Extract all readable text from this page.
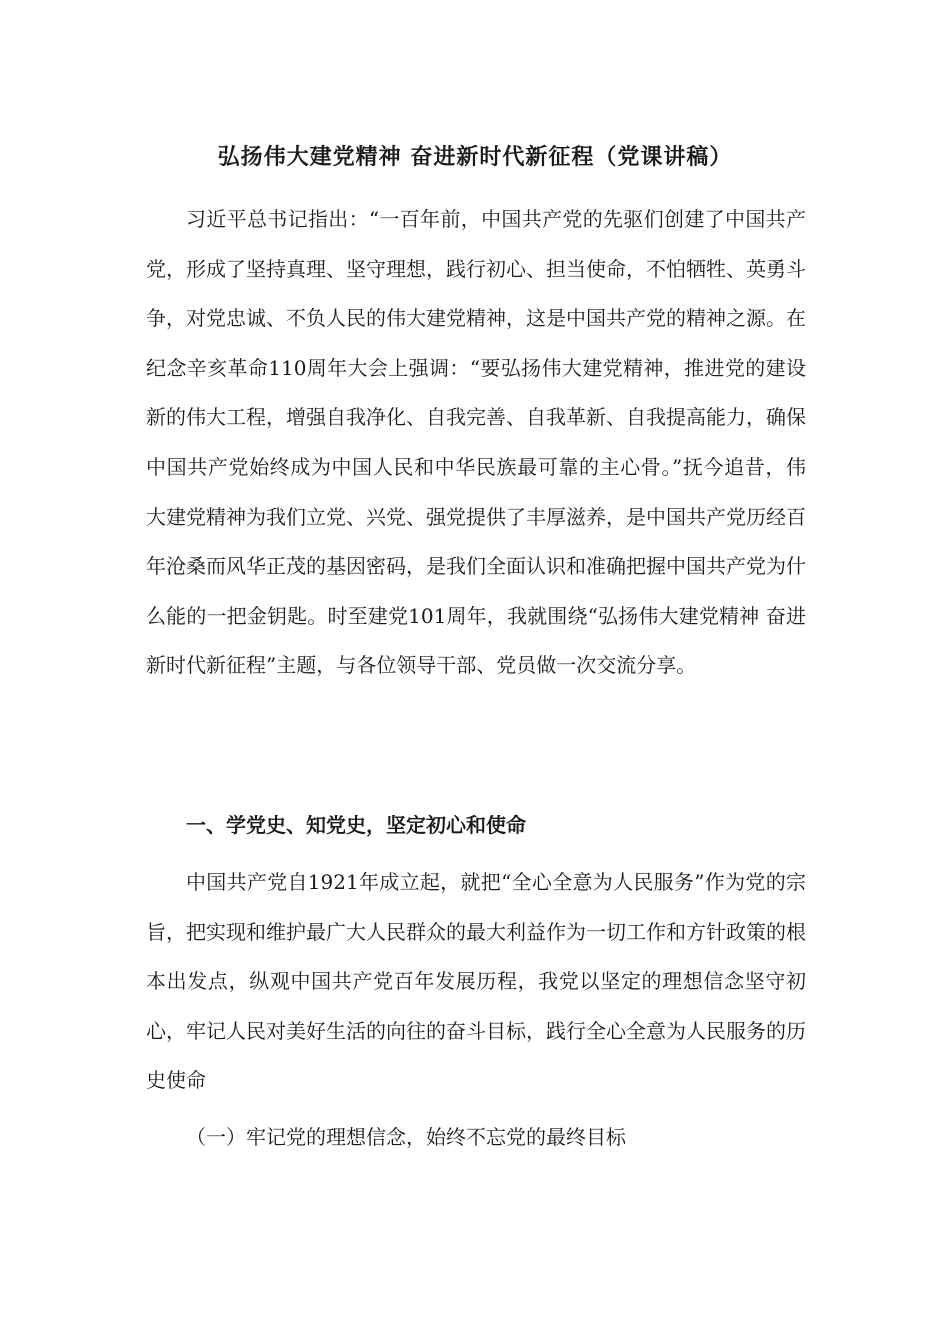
弘扬伟大建党精神 奋进新时代新征程（党课讲稿）

习近平总书记指出：“一百年前，中国共产党的先驱们创建了中国共产党，形成了坚持真理、坚守理想，践行初心、担当使命，不怕牺牲、英勇斗争，对党忠诚、不负人民的伟大建党精神，这是中国共产党的精神之源。在纪念辛亥革命110周年大会上强调：“要弘扬伟大建党精神，推进党的建设新的伟大工程，增强自我净化、自我完善、自我革新、自我提高能力，确保中国共产党始终成为中国人民和中华民族最可靠的主心骨。”抚今追昔，伟大建党精神为我们立党、兴党、强党提供了丰厚滋养，是中国共产党历经百年沧桑而风华正茂的基因密码，是我们全面认识和准确把握中国共产党为什么能的一把金钥匙。时至建党101周年，我就围绕“弘扬伟大建党精神 奋进新时代新征程”主题，与各位领导干部、党员做一次交流分享。

一、学党史、知党史，坚定初心和使命

中国共产党自1921年成立起，就把“全心全意为人民服务”作为党的宗旨，把实现和维护最广大人民群众的最大利益作为一切工作和方针政策的根本出发点，纵观中国共产党百年发展历程，我党以坚定的理想信念坚守初心，牢记人民对美好生活的向往的奋斗目标，践行全心全意为人民服务的历史使命

（一）牢记党的理想信念，始终不忘党的最终目标
